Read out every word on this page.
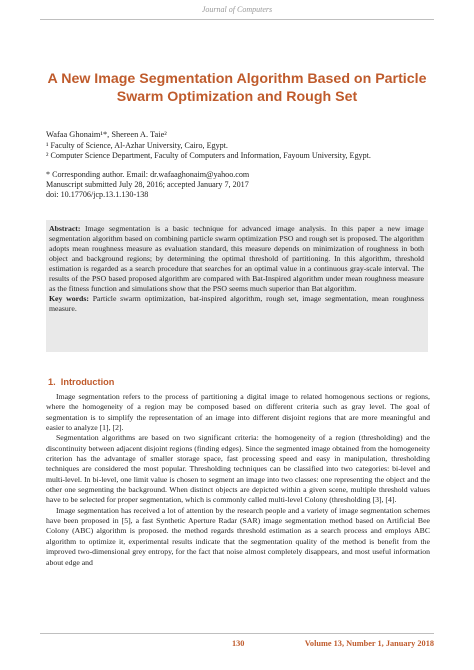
Journal of Computers
A New Image Segmentation Algorithm Based on Particle Swarm Optimization and Rough Set
Wafaa Ghonaim¹*, Shereen A. Taie²
¹ Faculty of Science, Al-Azhar University, Cairo, Egypt.
² Computer Science Department, Faculty of Computers and Information, Fayoum University, Egypt.
* Corresponding author. Email: dr.wafaaghonaim@yahoo.com
Manuscript submitted July 28, 2016; accepted January 7, 2017
doi: 10.17706/jcp.13.1.130-138
Abstract: Image segmentation is a basic technique for advanced image analysis. In this paper a new image segmentation algorithm based on combining particle swarm optimization PSO and rough set is proposed. The algorithm adopts mean roughness measure as evaluation standard, this measure depends on minimization of roughness in both object and background regions; by determining the optimal threshold of partitioning. In this algorithm, threshold estimation is regarded as a search procedure that searches for an optimal value in a continuous gray-scale interval. The results of the PSO based proposed algorithm are compared with Bat-Inspired algorithm under mean roughness measure as the fitness function and simulations show that the PSO seems much superior than Bat algorithm.
Key words: Particle swarm optimization, bat-inspired algorithm, rough set, image segmentation, mean roughness measure.
1. Introduction

Image segmentation refers to the process of partitioning a digital image to related homogenous sections or regions, where the homogeneity of a region may be composed based on different criteria such as gray level. The goal of segmentation is to simplify the representation of an image into different disjoint regions that are more meaningful and easier to analyze [1], [2].

Segmentation algorithms are based on two significant criteria: the homogeneity of a region (thresholding) and the discontinuity between adjacent disjoint regions (finding edges). Since the segmented image obtained from the homogeneity criterion has the advantage of smaller storage space, fast processing speed and easy in manipulation, thresholding techniques are considered the most popular. Thresholding techniques can be classified into two categories: bi-level and multi-level. In bi-level, one limit value is chosen to segment an image into two classes: one representing the object and the other one segmenting the background. When distinct objects are depicted within a given scene, multiple threshold values have to be selected for proper segmentation, which is commonly called multi-level Colony (thresholding [3], [4].

Image segmentation has received a lot of attention by the research people and a variety of image segmentation schemes have been proposed in [5], a fast Synthetic Aperture Radar (SAR) image segmentation method based on Artificial Bee Colony (ABC) algorithm is proposed. the method regards threshold estimation as a search process and employs ABC algorithm to optimize it, experimental results indicate that the segmentation quality of the method is benefit from the improved two-dimensional grey entropy, for the fact that noise almost completely disappears, and most useful information about edge and

130	Volume 13, Number 1, January 2018
